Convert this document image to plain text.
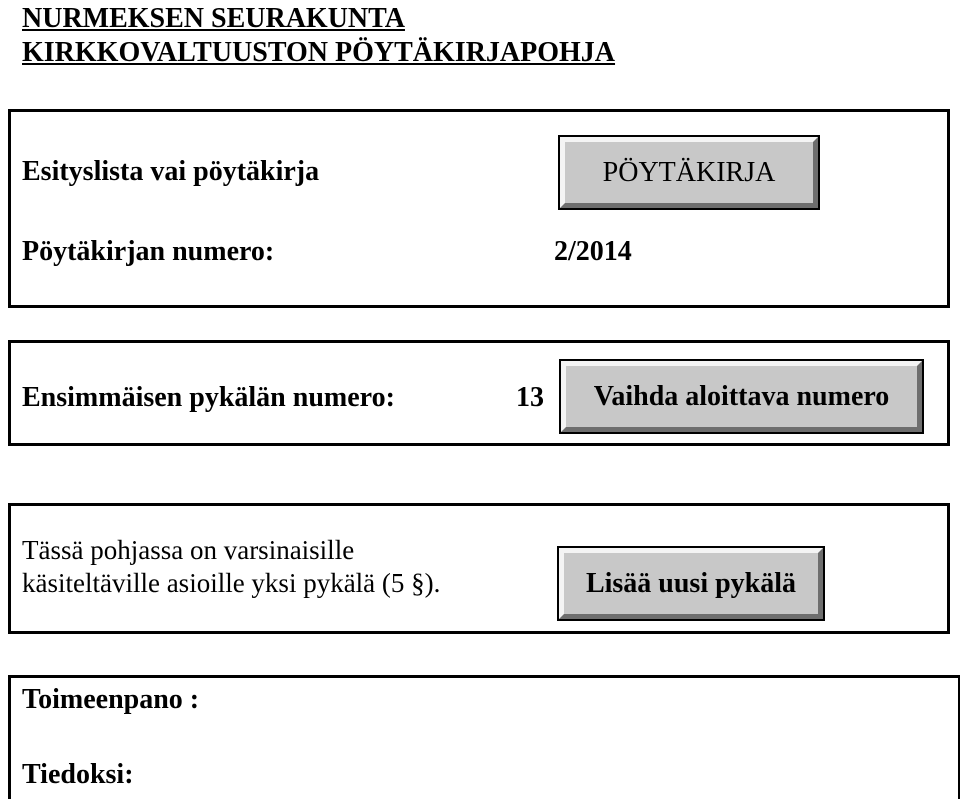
NURMEKSEN SEURAKUNTA
KIRKKOVALTUUSTON PÖYTÄKIRJAPOHJA
Esityslista vai pöytäkirja	PÖYTÄKIRJA
Pöytäkirjan numero:	2/2014
Ensimmäisen pykälän numero:	13	Vaihda aloittava numero
Tässä pohjassa on varsinaisille
käsiteltäville asioille yksi pykälä (5 §).	Lisää uusi pykälä
Toimeenpano :
Tiedoksi:
